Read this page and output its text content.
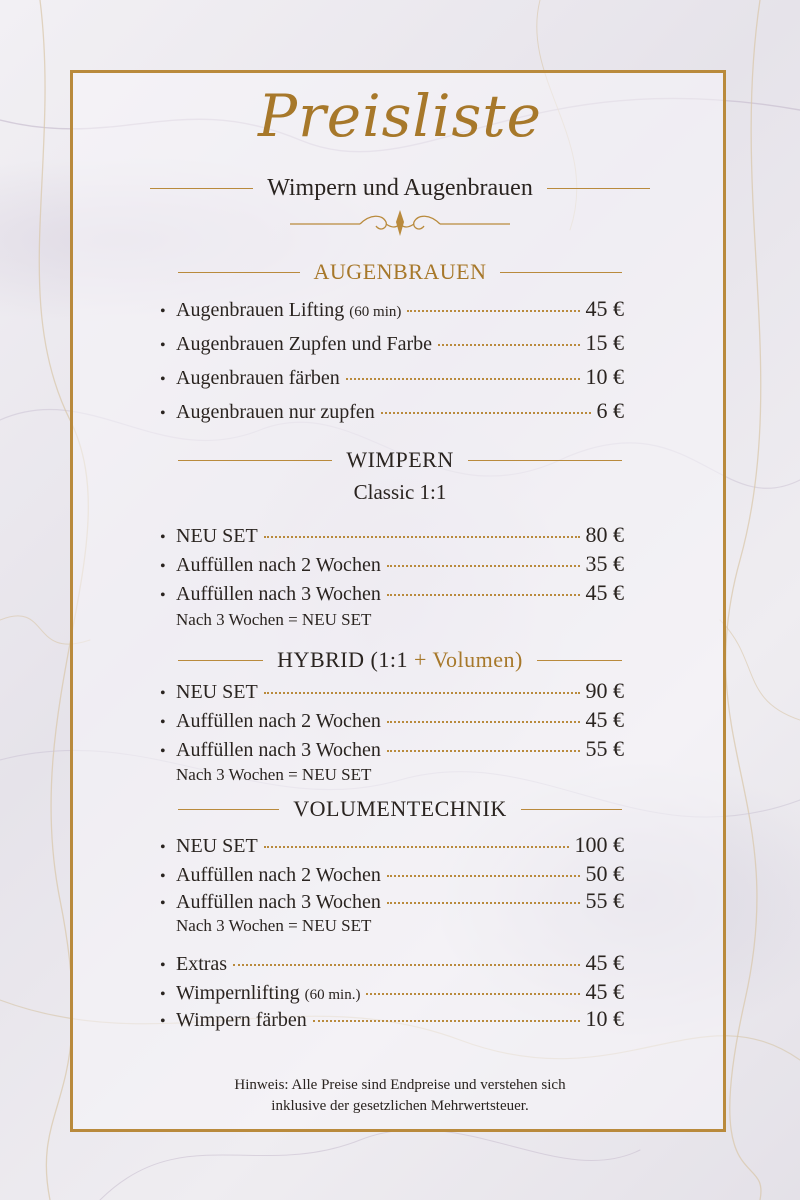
Preisliste
Wimpern und Augenbrauen
AUGENBRAUEN
• Augenbrauen Lifting (60 min)	45 €
• Augenbrauen Zupfen und Farbe	15 €
• Augenbrauen färben	10 €
• Augenbrauen nur zupfen	6 €
WIMPERN
Classic 1:1
• NEU SET	80 €
• Auffüllen nach 2 Wochen	35 €
• Auffüllen nach 3 Wochen	45 €
Nach 3 Wochen = NEU SET
HYBRID (1:1 + Volumen)
• NEU SET	90 €
• Auffüllen nach 2 Wochen	45 €
• Auffüllen nach 3 Wochen	55 €
Nach 3 Wochen = NEU SET
VOLUMENTECHNIK
• NEU SET	100 €
• Auffüllen nach 2 Wochen	50 €
• Auffüllen nach 3 Wochen	55 €
Nach 3 Wochen = NEU SET
• Extras	45 €
• Wimpernlifting (60 min.)	45 €
• Wimpern färben	10 €
Hinweis: Alle Preise sind Endpreise und verstehen sich
inklusive der gesetzlichen Mehrwertsteuer.
